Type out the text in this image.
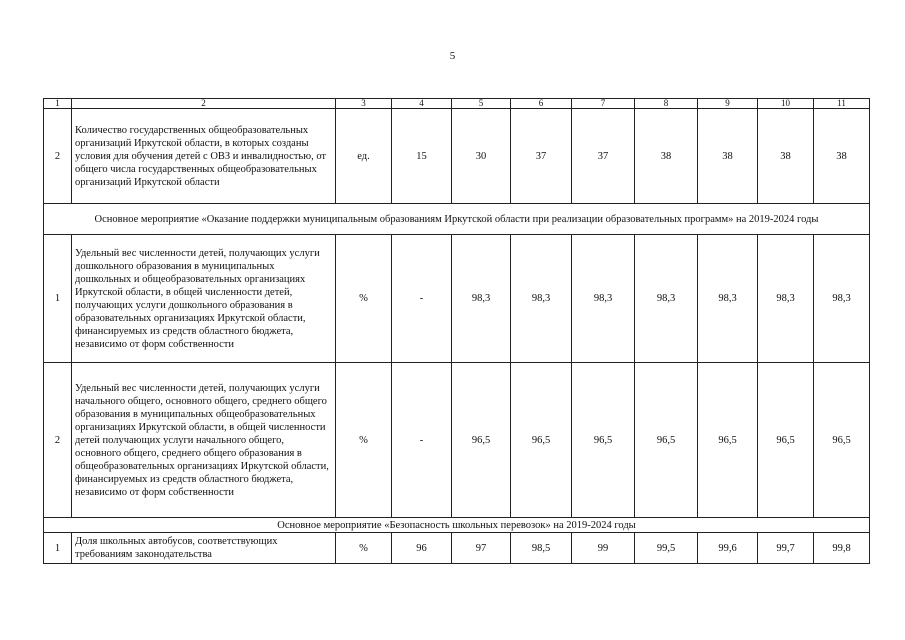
5
1	2	3	4	5	6	7	8	9	10	11
2	Количество государственных общеобразовательных организаций Иркутской области, в которых созданы условия для обучения детей с ОВЗ и инвалидностью, от общего числа государственных общеобразовательных организаций Иркутской области	ед.	15	30	37	37	38	38	38	38
Основное мероприятие «Оказание поддержки муниципальным образованиям Иркутской области при реализации образовательных программ» на 2019-2024 годы										
1	Удельный вес численности детей, получающих услуги дошкольного образования в муниципальных дошкольных и общеобразовательных организациях Иркутской области, в общей численности детей, получающих услуги дошкольного образования в образовательных организациях Иркутской области, финансируемых из средств областного бюджета, независимо от форм собственности	%	-	98,3	98,3	98,3	98,3	98,3	98,3	98,3
2	Удельный вес численности детей, получающих услуги начального общего, основного общего, среднего общего образования в муниципальных общеобразовательных организациях Иркутской области, в общей численности детей получающих услуги начального общего, основного общего, среднего общего образования в общеобразовательных организациях Иркутской области, финансируемых из средств областного бюджета, независимо от форм собственности	%	-	96,5	96,5	96,5	96,5	96,5	96,5	96,5
Основное мероприятие «Безопасность школьных перевозок» на 2019-2024 годы										
1	Доля школьных автобусов, соответствующих требованиям законодательства	%	96	97	98,5	99	99,5	99,6	99,7	99,8
